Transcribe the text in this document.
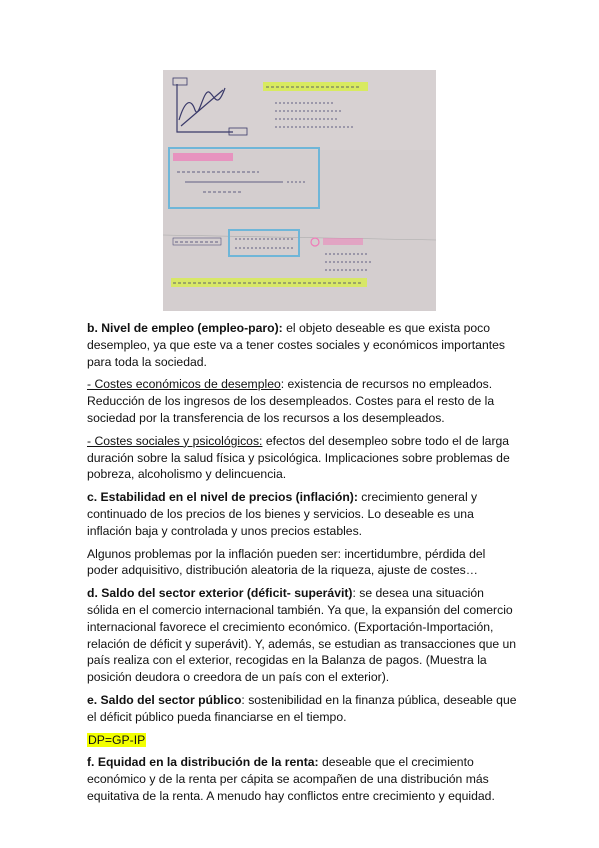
b. Nivel de empleo (empleo-paro): el objeto deseable es que exista poco desempleo, ya que este va a tener costes sociales y económicos importantes para toda la sociedad.

- Costes económicos de desempleo: existencia de recursos no empleados. Reducción de los ingresos de los desempleados. Costes para el resto de la sociedad por la transferencia de los recursos a los desempleados.

- Costes sociales y psicológicos: efectos del desempleo sobre todo el de larga duración sobre la salud física y psicológica. Implicaciones sobre problemas de pobreza, alcoholismo y delincuencia.

c. Estabilidad en el nivel de precios (inflación): crecimiento general y continuado de los precios de los bienes y servicios. Lo deseable es una inflación baja y controlada y unos precios estables.

Algunos problemas por la inflación pueden ser: incertidumbre, pérdida del poder adquisitivo, distribución aleatoria de la riqueza, ajuste de costes…

d. Saldo del sector exterior (déficit- superávit): se desea una situación sólida en el comercio internacional también. Ya que, la expansión del comercio internacional favorece el crecimiento económico. (Exportación-Importación, relación de déficit y superávit). Y, además, se estudian as transacciones que un país realiza con el exterior, recogidas en la Balanza de pagos. (Muestra la posición deudora o creedora de un país con el exterior).

e. Saldo del sector público: sostenibilidad en la finanza pública, deseable que el déficit público pueda financiarse en el tiempo.

DP=GP-IP

f. Equidad en la distribución de la renta: deseable que el crecimiento económico y de la renta per cápita se acompañen de una distribución más equitativa de la renta. A menudo hay conflictos entre crecimiento y equidad.
